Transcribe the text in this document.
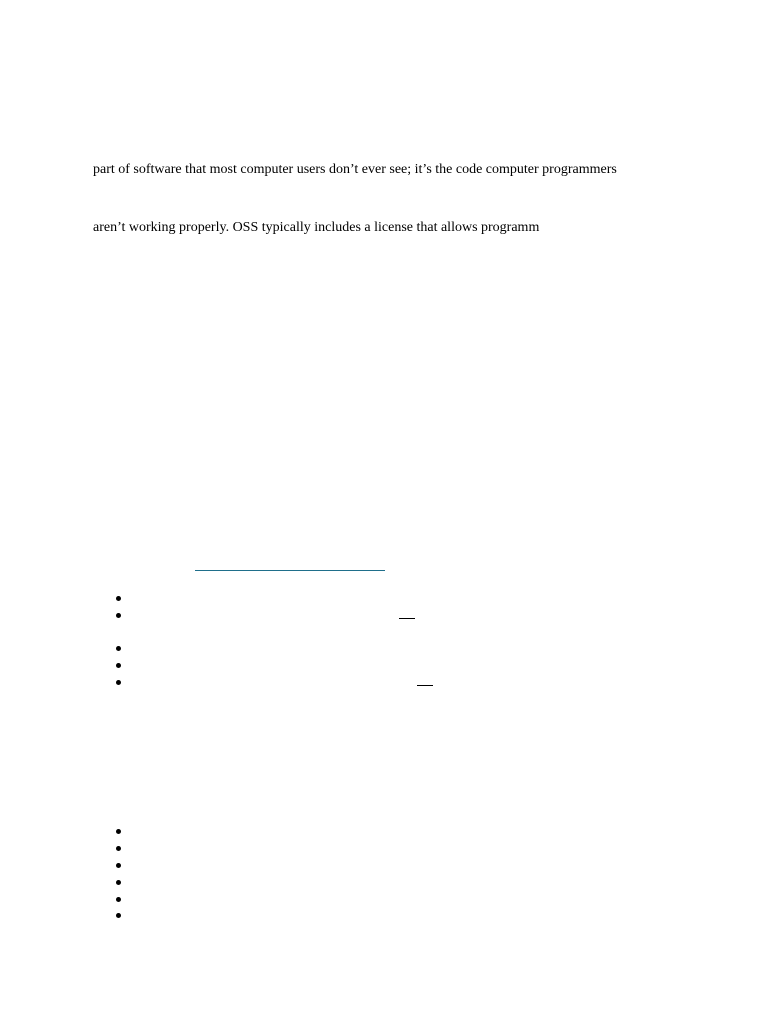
part of software that most computer users don’t ever see; it’s the code computer programmers
aren’t working properly. OSS typically includes a license that allows programm
